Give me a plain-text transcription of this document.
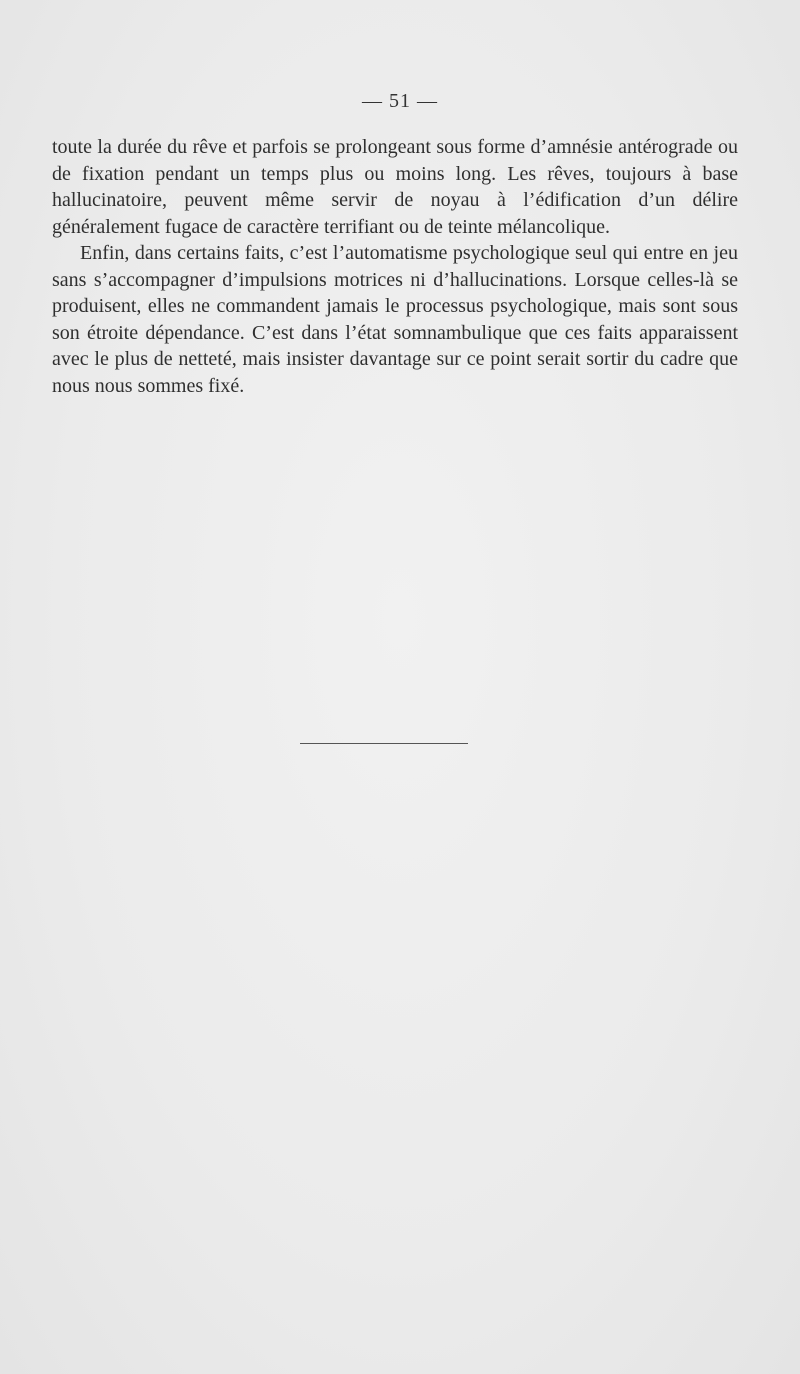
— 51 —

toute la durée du rêve et parfois se prolongeant sous forme d’amnésie antérograde ou de fixation pendant un temps plus ou moins long. Les rêves, toujours à base hallucinatoire, peuvent même servir de noyau à l’édification d’un délire généralement fugace de caractère terrifiant ou de teinte mélancolique.

Enfin, dans certains faits, c’est l’automatisme psychologique seul qui entre en jeu sans s’accompagner d’impulsions motrices ni d’hallucinations. Lorsque celles-là se produisent, elles ne commandent jamais le processus psychologique, mais sont sous son étroite dépendance. C’est dans l’état somnambulique que ces faits apparaissent avec le plus de netteté, mais insister davantage sur ce point serait sortir du cadre que nous nous sommes fixé.
